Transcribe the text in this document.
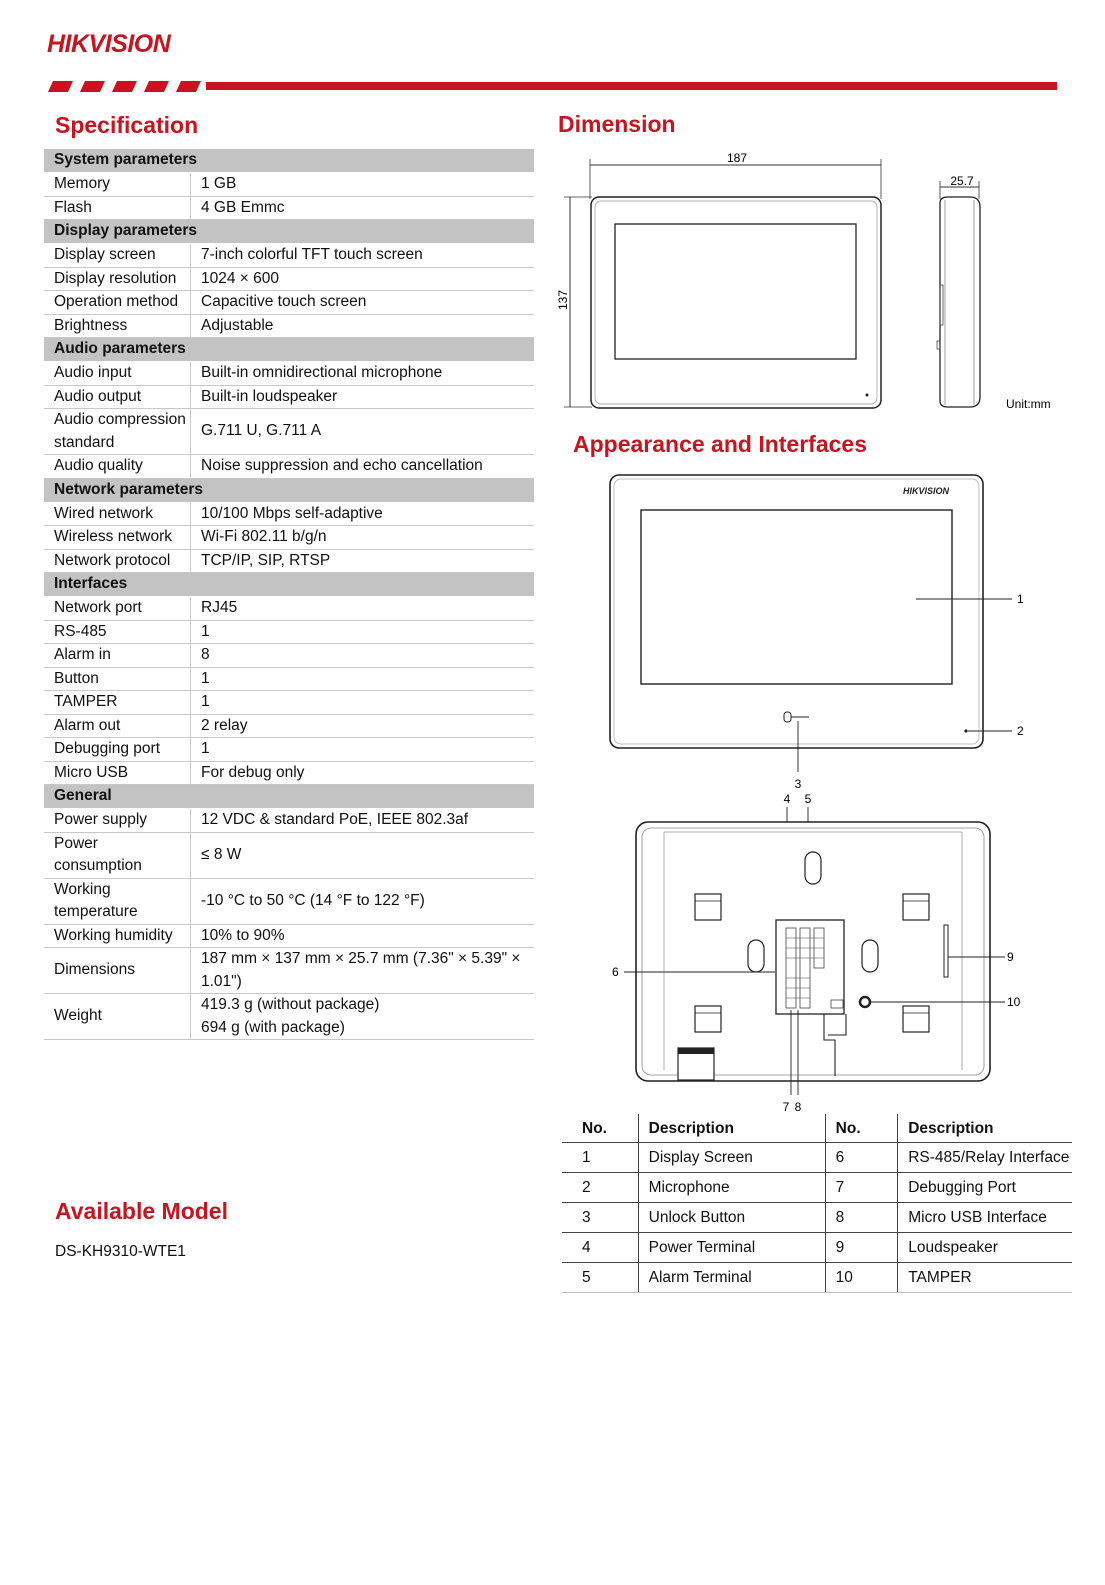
HIKVISION
Specification
System parameters	
Memory	1 GB
Flash	4 GB Emmc
Display parameters	
Display screen	7-inch colorful TFT touch screen
Display resolution	1024 × 600
Operation method	Capacitive touch screen
Brightness	Adjustable
Audio parameters	
Audio input	Built-in omnidirectional microphone
Audio output	Built-in loudspeaker
Audio compression standard	G.711 U, G.711 A
Audio quality	Noise suppression and echo cancellation
Network parameters	
Wired network	10/100 Mbps self-adaptive
Wireless network	Wi-Fi 802.11 b/g/n
Network protocol	TCP/IP, SIP, RTSP
Interfaces	
Network port	RJ45
RS-485	1
Alarm in	8
Button	1
TAMPER	1
Alarm out	2 relay
Debugging port	1
Micro USB	For debug only
General	
Power supply	12 VDC & standard PoE, IEEE 802.3af
Power consumption	≤ 8 W
Working temperature	-10 °C to 50 °C (14 °F to 122 °F)
Working humidity	10% to 90%
Dimensions	187 mm × 137 mm × 25.7 mm (7.36" × 5.39" × 1.01")
Weight	419.3 g (without package)
694 g (with package)
Available Model
DS-KH9310-WTE1
Dimension
187
137
25.7
Unit:mm
Appearance and Interfaces
HIKVISION
1
3
2
4 5
9
10
6
7 8
No.	Description	No.	Description
1	Display Screen	6	RS-485/Relay Interface
2	Microphone	7	Debugging Port
3	Unlock Button	8	Micro USB Interface
4	Power Terminal	9	Loudspeaker
5	Alarm Terminal	10	TAMPER
